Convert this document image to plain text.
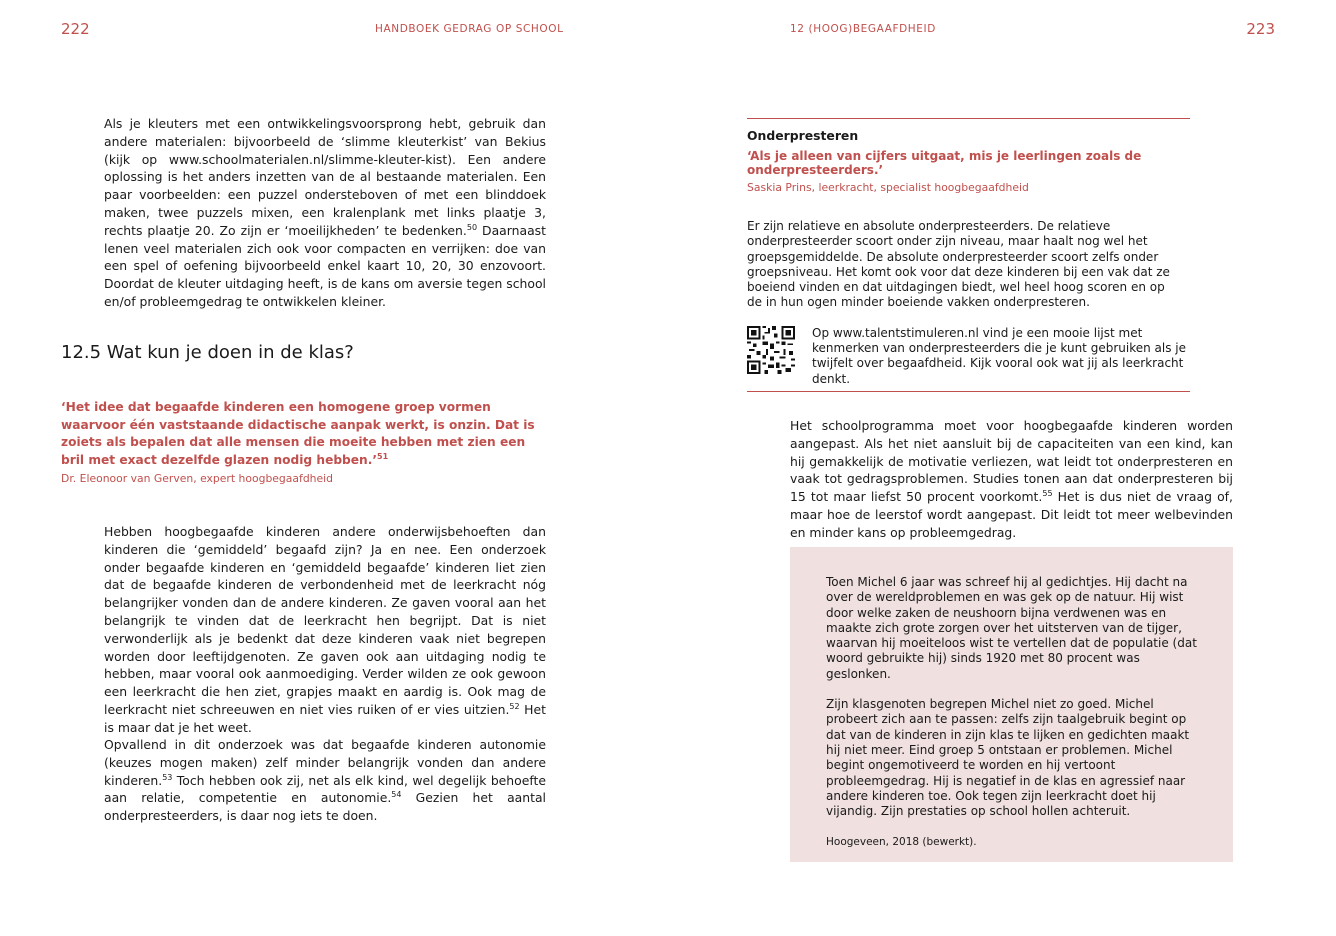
222	HANDBOEK GEDRAG OP SCHOOL
Als je kleuters met een ontwikkelingsvoorsprong hebt, gebruik dan andere materialen: bijvoorbeeld de ‘slimme kleuterkist’ van Bekius (kijk op www.schoolmaterialen.nl/slimme-kleuter-kist). Een andere oplossing is het anders inzetten van de al bestaande materialen. Een paar voorbeelden: een puzzel ondersteboven of met een blinddoek maken, twee puzzels mixen, een kralenplank met links plaatje 3, rechts plaatje 20. Zo zijn er ‘moeilijkheden’ te bedenken.$^{50}$ Daarnaast lenen veel materialen zich ook voor compacten en verrijken: doe van een spel of oefening bijvoorbeeld enkel kaart 10, 20, 30 enzovoort. Doordat de kleuter uitdaging heeft, is de kans om aversie tegen school en/of probleemgedrag te ontwikkelen kleiner.
12.5 Wat kun je doen in de klas?
‘Het idee dat begaafde kinderen een homogene groep vormen waarvoor één vaststaande didactische aanpak werkt, is onzin. Dat is zoiets als bepalen dat alle mensen die moeite hebben met zien een bril met exact dezelfde glazen nodig hebben.’$^{51}$
Dr. Eleonoor van Gerven, expert hoogbegaafdheid
Hebben hoogbegaafde kinderen andere onderwijsbehoeften dan kinderen die ‘gemiddeld’ begaafd zijn? Ja en nee. Een onderzoek onder begaafde kinderen en ‘gemiddeld begaafde’ kinderen liet zien dat de begaafde kinderen de verbondenheid met de leerkracht nóg belangrijker vonden dan de andere kinderen. Ze gaven vooral aan het belangrijk te vinden dat de leerkracht hen begrijpt. Dat is niet verwonderlijk als je bedenkt dat deze kinderen vaak niet begrepen worden door leeftijdgenoten. Ze gaven ook aan uitdaging nodig te hebben, maar vooral ook aanmoediging. Verder wilden ze ook gewoon een leerkracht die hen ziet, grapjes maakt en aardig is. Ook mag de leerkracht niet schreeuwen en niet vies ruiken of er vies uitzien.$^{52}$ Het is maar dat je het weet.
Opvallend in dit onderzoek was dat begaafde kinderen autonomie (keuzes mogen maken) zelf minder belangrijk vonden dan andere kinderen.$^{53}$ Toch hebben ook zij, net als elk kind, wel degelijk behoefte aan relatie, competentie en autonomie.$^{54}$ Gezien het aantal onderpresteerders, is daar nog iets te doen.
12 (HOOG)BEGAAFDHEID	223
Onderpresteren
‘Als je alleen van cijfers uitgaat, mis je leerlingen zoals de onderpresteerders.’
Saskia Prins, leerkracht, specialist hoogbegaafdheid
Er zijn relatieve en absolute onderpresteerders. De relatieve onderpresteerder scoort onder zijn niveau, maar haalt nog wel het groepsgemiddelde. De absolute onderpresteerder scoort zelfs onder groepsniveau. Het komt ook voor dat deze kinderen bij een vak dat ze boeiend vinden en dat uitdagingen biedt, wel heel hoog scoren en op de in hun ogen minder boeiende vakken onderpresteren.
Op www.talentstimuleren.nl vind je een mooie lijst met kenmerken van onderpresteerders die je kunt gebruiken als je twijfelt over begaafdheid. Kijk vooral ook wat jij als leerkracht denkt.
Het schoolprogramma moet voor hoogbegaafde kinderen worden aangepast. Als het niet aansluit bij de capaciteiten van een kind, kan hij gemakkelijk de motivatie verliezen, wat leidt tot onderpresteren en vaak tot gedragsproblemen. Studies tonen aan dat onderpresteren bij 15 tot maar liefst 50 procent voorkomt.$^{55}$ Het is dus niet de vraag of, maar hoe de leerstof wordt aangepast. Dit leidt tot meer welbevinden en minder kans op probleemgedrag.

Toen Michel 6 jaar was schreef hij al gedichtjes. Hij dacht na over de wereldproblemen en was gek op de natuur. Hij wist door welke zaken de neushoorn bijna verdwenen was en maakte zich grote zorgen over het uitsterven van de tijger, waarvan hij moeiteloos wist te vertellen dat de populatie (dat woord gebruikte hij) sinds 1920 met 80 procent was geslonken.

Zijn klasgenoten begrepen Michel niet zo goed. Michel probeert zich aan te passen: zelfs zijn taalgebruik begint op dat van de kinderen in zijn klas te lijken en gedichten maakt hij niet meer. Eind groep 5 ontstaan er problemen. Michel begint ongemotiveerd te worden en hij vertoont probleemgedrag. Hij is negatief in de klas en agressief naar andere kinderen toe. Ook tegen zijn leerkracht doet hij vijandig. Zijn prestaties op school hollen achteruit.

Hoogeveen, 2018 (bewerkt).
